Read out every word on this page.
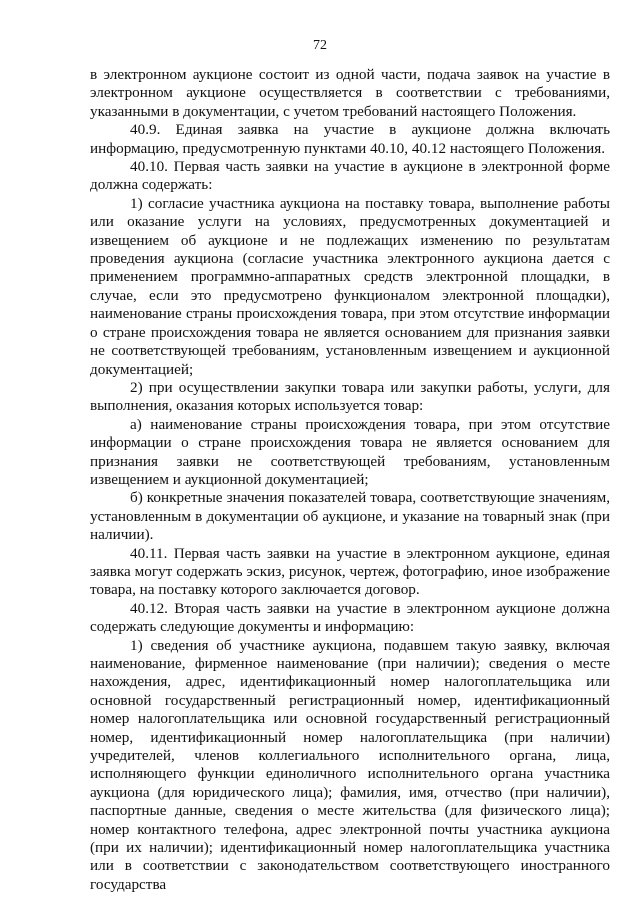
72

в электронном аукционе состоит из одной части, подача заявок на участие в электронном аукционе осуществляется в соответствии с требованиями, указанными в документации, с учетом требований настоящего Положения.

40.9. Единая заявка на участие в аукционе должна включать информацию, предусмотренную пунктами 40.10, 40.12 настоящего Положения.

40.10. Первая часть заявки на участие в аукционе в электронной форме должна содержать:

1) согласие участника аукциона на поставку товара, выполнение работы или оказание услуги на условиях, предусмотренных документацией и извещением об аукционе и не подлежащих изменению по результатам проведения аукциона (согласие участника электронного аукциона дается с применением программно-аппаратных средств электронной площадки, в случае, если это предусмотрено функционалом электронной площадки), наименование страны происхождения товара, при этом отсутствие информации о стране происхождения товара не является основанием для признания заявки не соответствующей требованиям, установленным извещением и аукционной документацией;

2) при осуществлении закупки товара или закупки работы, услуги, для выполнения, оказания которых используется товар:

а) наименование страны происхождения товара, при этом отсутствие информации о стране происхождения товара не является основанием для признания заявки не соответствующей требованиям, установленным извещением и аукционной документацией;

б) конкретные значения показателей товара, соответствующие значениям, установленным в документации об аукционе, и указание на товарный знак (при наличии).

40.11. Первая часть заявки на участие в электронном аукционе, единая заявка могут содержать эскиз, рисунок, чертеж, фотографию, иное изображение товара, на поставку которого заключается договор.

40.12. Вторая часть заявки на участие в электронном аукционе должна содержать следующие документы и информацию:

1) сведения об участнике аукциона, подавшем такую заявку, включая наименование, фирменное наименование (при наличии); сведения о месте нахождения, адрес, идентификационный номер налогоплательщика или основной государственный регистрационный номер, идентификационный номер налогоплательщика или основной государственный регистрационный номер, идентификационный номер налогоплательщика (при наличии) учредителей, членов коллегиального исполнительного органа, лица, исполняющего функции единоличного исполнительного органа участника аукциона (для юридического лица); фамилия, имя, отчество (при наличии), паспортные данные, сведения о месте жительства (для физического лица); номер контактного телефона, адрес электронной почты участника аукциона (при их наличии); идентификационный номер налогоплательщика участника или в соответствии с законодательством соответствующего иностранного государства
